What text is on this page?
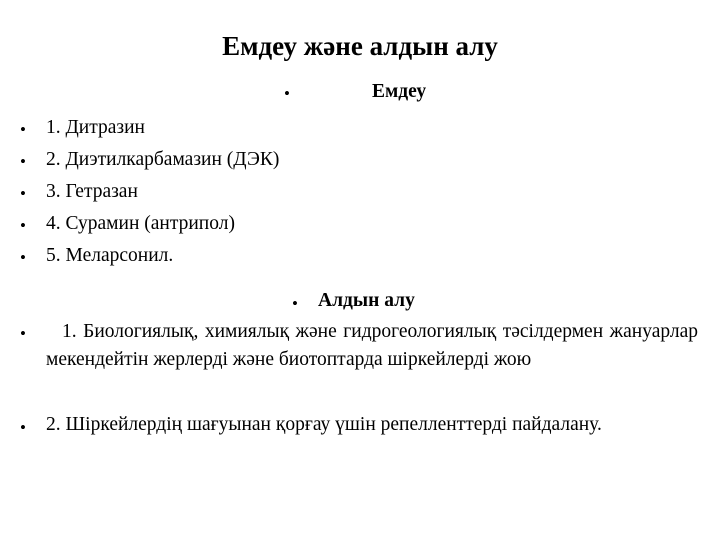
Емдеу және алдын алу
•	Емдеу
• 1. Дитразин
• 2. Диэтилкарбамазин (ДЭК)
• 3. Гетразан
• 4. Сурамин (антрипол)
• 5. Меларсонил.
• Алдын алу
•	1. Биологиялық, химиялық және гидрогеологиялық тәсілдермен жануарлар мекендейтін жерлерді және биотоптарда шіркейлерді жою
• 2. Шіркейлердің шағуынан қорғау үшін репелленттерді пайдалану.
